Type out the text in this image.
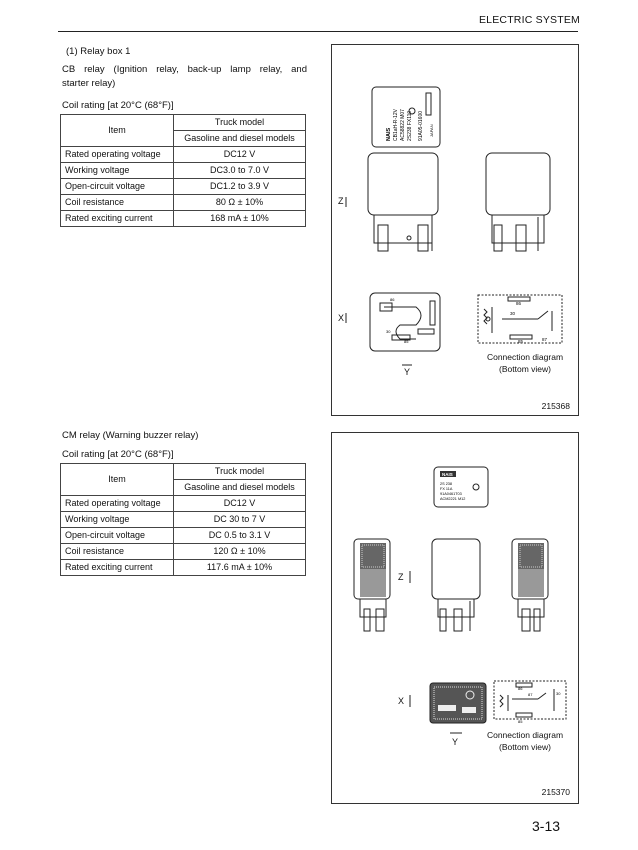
ELECTRIC SYSTEM
(1) Relay box 1
CB relay (Ignition relay, back-up lamp relay, and
starter relay)
Coil rating [at 20°C (68°F)]
Item	Truck model
	Gasoline and diesel models
Rated operating voltage	DC12 V
Working voltage	DC3.0 to 7.0 V
Open-circuit voltage	DC1.2 to 3.9 V
Coil resistance	80 Ω ± 10%
Rated exciting current	168 mA ± 10%
NAIS CB1aH-R-12V AC58822 M07 2S238 FX110 91A05-01600 JAPAN
86
30
85
86
30
85	87
Z
X
Y
Connection diagram
(Bottom view)
215368
CM relay (Warning buzzer relay)
Coil rating [at 20°C (68°F)]
Item	Truck model
	Gasoline and diesel models
Rated operating voltage	DC12 V
Working voltage	DC 30 to 7 V
Open-circuit voltage	DC 0.5 to 3.1 V
Coil resistance	120 Ω ± 10%
Rated exciting current	117.6 mA ± 10%
NAIS
2S 238
FX 11A
91A0461T03
ACM2221 M12
86
87
85
30
Z
X
Y
Connection diagram
(Bottom view)
215370
3-13
